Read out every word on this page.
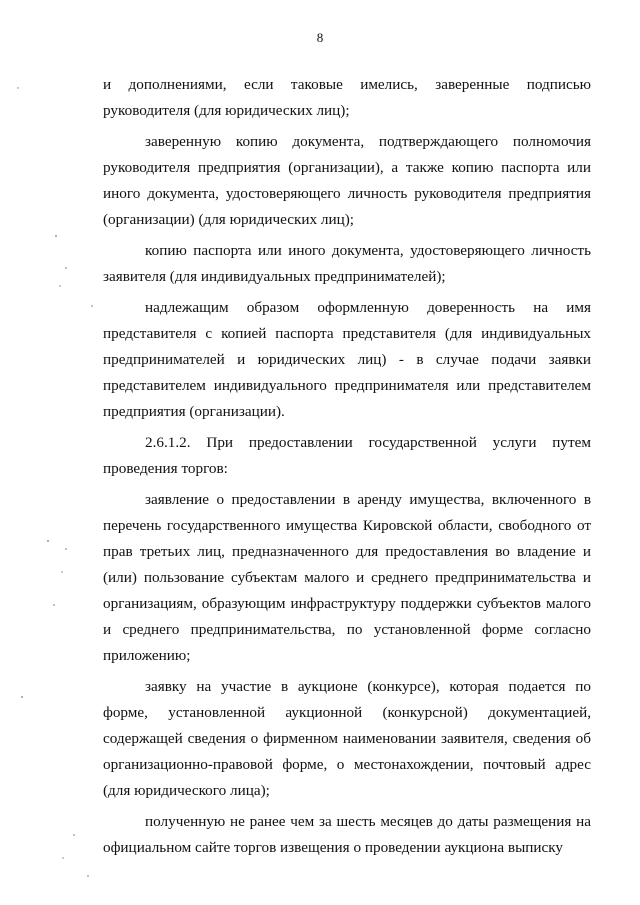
8

и дополнениями, если таковые имелись, заверенные подписью руководителя (для юридических лиц);

заверенную копию документа, подтверждающего полномочия руководителя предприятия (организации), а также копию паспорта или иного документа, удостоверяющего личность руководителя предприятия (организации) (для юридических лиц);

копию паспорта или иного документа, удостоверяющего личность заявителя (для индивидуальных предпринимателей);

надлежащим образом оформленную доверенность на имя представителя с копией паспорта представителя (для индивидуальных предпринимателей и юридических лиц) - в случае подачи заявки представителем индивидуального предпринимателя или представителем предприятия (организации).

2.6.1.2. При предоставлении государственной услуги путем проведения торгов:

заявление о предоставлении в аренду имущества, включенного в перечень государственного имущества Кировской области, свободного от прав третьих лиц, предназначенного для предоставления во владение и (или) пользование субъектам малого и среднего предпринимательства и организациям, образующим инфраструктуру поддержки субъектов малого и среднего предпринимательства, по установленной форме согласно приложению;

заявку на участие в аукционе (конкурсе), которая подается по форме, установленной аукционной (конкурсной) документацией, содержащей сведения о фирменном наименовании заявителя, сведения об организационно-правовой форме, о местонахождении, почтовый адрес (для юридического лица);

полученную не ранее чем за шесть месяцев до даты размещения на официальном сайте торгов извещения о проведении аукциона выписку
